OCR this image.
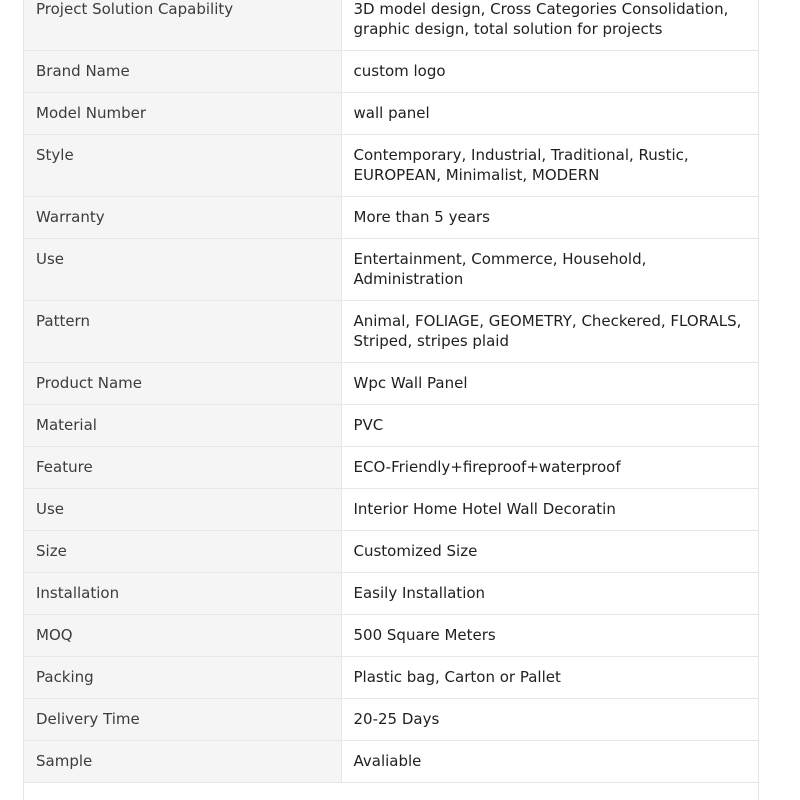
Project Solution Capability	3D model design, Cross Categories Consolidation, graphic design, total solution for projects
Brand Name	custom logo
Model Number	wall panel
Style	Contemporary, Industrial, Traditional, Rustic, EUROPEAN, Minimalist, MODERN
Warranty	More than 5 years
Use	Entertainment, Commerce, Household, Administration
Pattern	Animal, FOLIAGE, GEOMETRY, Checkered, FLORALS, Striped, stripes plaid
Product Name	Wpc Wall Panel
Material	PVC
Feature	ECO-Friendly+fireproof+waterproof
Use	Interior Home Hotel Wall Decoratin
Size	Customized Size
Installation	Easily Installation
MOQ	500 Square Meters
Packing	Plastic bag, Carton or Pallet
Delivery Time	20-25 Days
Sample	Avaliable
